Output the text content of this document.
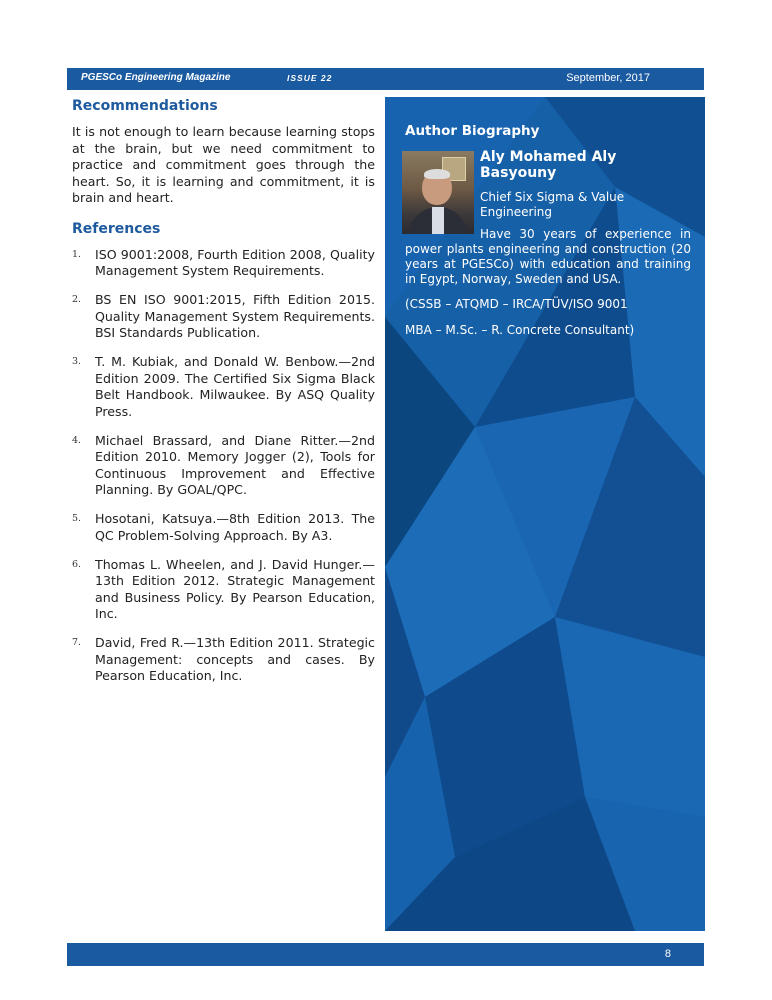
PGESCo Engineering Magazine	ISSUE 22	September, 2017
Recommendations

It is not enough to learn because learning stops at the brain, but we need commitment to practice and commitment goes through the heart. So, it is learning and commitment, it is brain and heart.

References
1. ISO 9001:2008, Fourth Edition 2008, Quality Management System Requirements.
2. BS EN ISO 9001:2015, Fifth Edition 2015. Quality Management System Requirements. BSI Standards Publication.
3. T. M. Kubiak, and Donald W. Benbow.—2nd Edition 2009. The Certified Six Sigma Black Belt Handbook. Milwaukee. By ASQ Quality Press.
4. Michael Brassard, and Diane Ritter.—2nd Edition 2010. Memory Jogger (2), Tools for Continuous Improvement and Effective Planning. By GOAL/QPC.
5. Hosotani, Katsuya.—8th Edition 2013. The QC Problem-Solving Approach. By A3.
6. Thomas L. Wheelen, and J. David Hunger.—13th Edition 2012. Strategic Management and Business Policy. By Pearson Education, Inc.
7. David, Fred R.—13th Edition 2011. Strategic Management: concepts and cases. By Pearson Education, Inc.
Author Biography

Aly Mohamed Aly Basyouny

Chief Six Sigma & Value Engineering

Have 30 years of experience in power plants engineering and construction (20 years at PGESCo) with education and training in Egypt, Norway, Sweden and USA.

(CSSB – ATQMD – IRCA/TÜV/ISO 9001

MBA – M.Sc. – R. Concrete Consultant)

8
